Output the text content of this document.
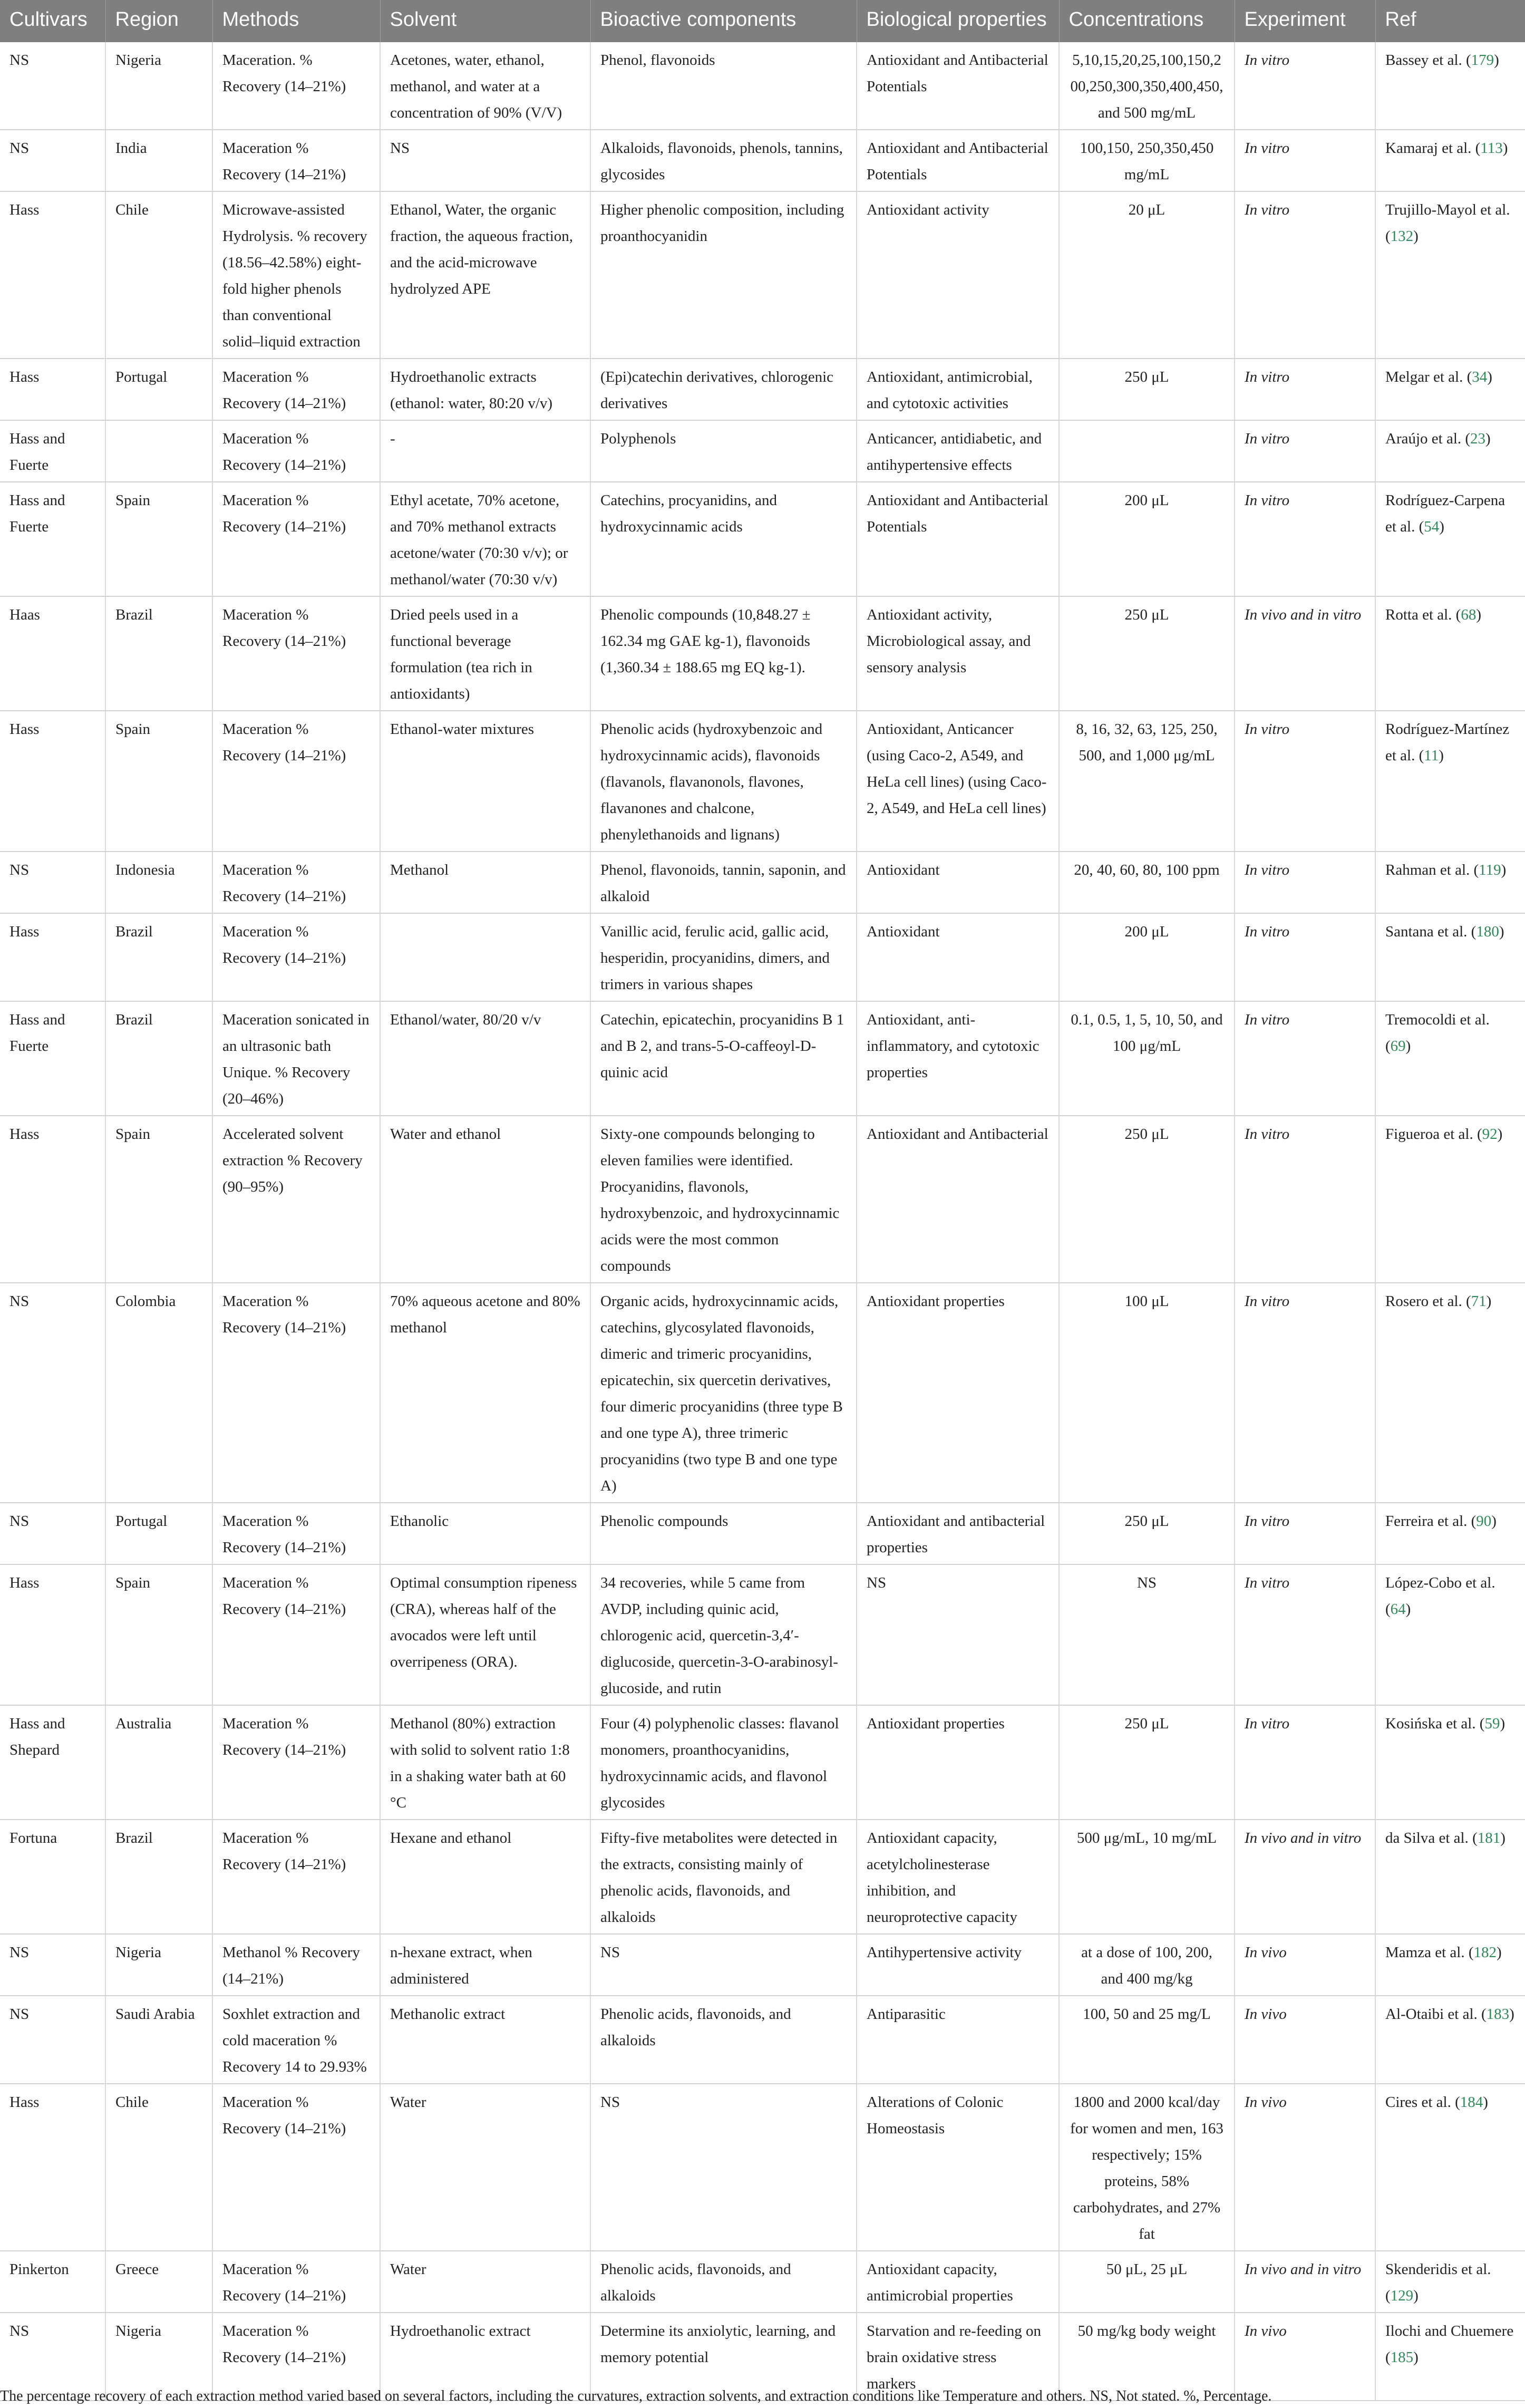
Cultivars	Region	Methods	Solvent	Bioactive components	Biological properties	Concentrations	Experiment	Ref
NS	Nigeria	Maceration. % Recovery (14–21%)	Acetones, water, ethanol, methanol, and water at a concentration of 90% (V/V)	Phenol, flavonoids	Antioxidant and Antibacterial Potentials	5,10,15,20,25,100,150,200,250,300,350,400,450, and 500 mg/mL	In vitro	Bassey et al. (179)
NS	India	Maceration % Recovery (14–21%)	NS	Alkaloids, flavonoids, phenols, tannins, glycosides	Antioxidant and Antibacterial Potentials	100,150, 250,350,450 mg/mL	In vitro	Kamaraj et al. (113)
Hass	Chile	Microwave-assisted Hydrolysis. % recovery (18.56–42.58%) eight-fold higher phenols than conventional solid–liquid extraction	Ethanol, Water, the organic fraction, the aqueous fraction, and the acid-microwave hydrolyzed APE	Higher phenolic composition, including proanthocyanidin	Antioxidant activity	20 μL	In vitro	Trujillo-Mayol et al. (132)
Hass	Portugal	Maceration % Recovery (14–21%)	Hydroethanolic extracts (ethanol: water, 80:20 v/v)	(Epi)catechin derivatives, chlorogenic derivatives	Antioxidant, antimicrobial, and cytotoxic activities	250 μL	In vitro	Melgar et al. (34)
Hass and Fuerte		Maceration % Recovery (14–21%)	-	Polyphenols	Anticancer, antidiabetic, and antihypertensive effects		In vitro	Araújo et al. (23)
Hass and Fuerte	Spain	Maceration % Recovery (14–21%)	Ethyl acetate, 70% acetone, and 70% methanol extracts acetone/water (70:30 v/v); or methanol/water (70:30 v/v)	Catechins, procyanidins, and hydroxycinnamic acids	Antioxidant and Antibacterial Potentials	200 μL	In vitro	Rodríguez-Carpena et al. (54)
Haas	Brazil	Maceration % Recovery (14–21%)	Dried peels used in a functional beverage formulation (tea rich in antioxidants)	Phenolic compounds (10,848.27 ± 162.34 mg GAE kg-1), flavonoids (1,360.34 ± 188.65 mg EQ kg-1).	Antioxidant activity, Microbiological assay, and sensory analysis	250 μL	In vivo and in vitro	Rotta et al. (68)
Hass	Spain	Maceration % Recovery (14–21%)	Ethanol-water mixtures	Phenolic acids (hydroxybenzoic and hydroxycinnamic acids), flavonoids (flavanols, flavanonols, flavones, flavanones and chalcone, phenylethanoids and lignans)	Antioxidant, Anticancer (using Caco-2, A549, and HeLa cell lines) (using Caco-2, A549, and HeLa cell lines)	8, 16, 32, 63, 125, 250, 500, and 1,000 μg/mL	In vitro	Rodríguez-Martínez et al. (11)
NS	Indonesia	Maceration % Recovery (14–21%)	Methanol	Phenol, flavonoids, tannin, saponin, and alkaloid	Antioxidant	20, 40, 60, 80, 100 ppm	In vitro	Rahman et al. (119)
Hass	Brazil	Maceration % Recovery (14–21%)		Vanillic acid, ferulic acid, gallic acid, hesperidin, procyanidins, dimers, and trimers in various shapes	Antioxidant	200 μL	In vitro	Santana et al. (180)
Hass and Fuerte	Brazil	Maceration sonicated in an ultrasonic bath Unique. % Recovery (20–46%)	Ethanol/water, 80/20 v/v	Catechin, epicatechin, procyanidins B 1 and B 2, and trans-5-O-caffeoyl-D-quinic acid	Antioxidant, anti-inflammatory, and cytotoxic properties	0.1, 0.5, 1, 5, 10, 50, and 100 μg/mL	In vitro	Tremocoldi et al. (69)
Hass	Spain	Accelerated solvent extraction % Recovery (90–95%)	Water and ethanol	Sixty-one compounds belonging to eleven families were identified. Procyanidins, flavonols, hydroxybenzoic, and hydroxycinnamic acids were the most common compounds	Antioxidant and Antibacterial	250 μL	In vitro	Figueroa et al. (92)
NS	Colombia	Maceration % Recovery (14–21%)	70% aqueous acetone and 80% methanol	Organic acids, hydroxycinnamic acids, catechins, glycosylated flavonoids, dimeric and trimeric procyanidins, epicatechin, six quercetin derivatives, four dimeric procyanidins (three type B and one type A), three trimeric procyanidins (two type B and one type A)	Antioxidant properties	100 μL	In vitro	Rosero et al. (71)
NS	Portugal	Maceration % Recovery (14–21%)	Ethanolic	Phenolic compounds	Antioxidant and antibacterial properties	250 μL	In vitro	Ferreira et al. (90)
Hass	Spain	Maceration % Recovery (14–21%)	Optimal consumption ripeness (CRA), whereas half of the avocados were left until overripeness (ORA).	34 recoveries, while 5 came from AVDP, including quinic acid, chlorogenic acid, quercetin-3,4′-diglucoside, quercetin-3-O-arabinosyl-glucoside, and rutin	NS	NS	In vitro	López-Cobo et al. (64)
Hass and Shepard	Australia	Maceration % Recovery (14–21%)	Methanol (80%) extraction with solid to solvent ratio 1:8 in a shaking water bath at 60 °C	Four (4) polyphenolic classes: flavanol monomers, proanthocyanidins, hydroxycinnamic acids, and flavonol glycosides	Antioxidant properties	250 μL	In vitro	Kosińska et al. (59)
Fortuna	Brazil	Maceration % Recovery (14–21%)	Hexane and ethanol	Fifty-five metabolites were detected in the extracts, consisting mainly of phenolic acids, flavonoids, and alkaloids	Antioxidant capacity, acetylcholinesterase inhibition, and neuroprotective capacity	500 μg/mL, 10 mg/mL	In vivo and in vitro	da Silva et al. (181)
NS	Nigeria	Methanol % Recovery (14–21%)	n-hexane extract, when administered	NS	Antihypertensive activity	at a dose of 100, 200, and 400 mg/kg	In vivo	Mamza et al. (182)
NS	Saudi Arabia	Soxhlet extraction and cold maceration % Recovery 14 to 29.93%	Methanolic extract	Phenolic acids, flavonoids, and alkaloids	Antiparasitic	100, 50 and 25 mg/L	In vivo	Al-Otaibi et al. (183)
Hass	Chile	Maceration % Recovery (14–21%)	Water	NS	Alterations of Colonic Homeostasis	1800 and 2000 kcal/day for women and men, 163 respectively; 15% proteins, 58% carbohydrates, and 27% fat	In vivo	Cires et al. (184)
Pinkerton	Greece	Maceration % Recovery (14–21%)	Water	Phenolic acids, flavonoids, and alkaloids	Antioxidant capacity, antimicrobial properties	50 μL, 25 μL	In vivo and in vitro	Skenderidis et al. (129)
NS	Nigeria	Maceration % Recovery (14–21%)	Hydroethanolic extract	Determine its anxiolytic, learning, and memory potential	Starvation and re-feeding on brain oxidative stress markers	50 mg/kg body weight	In vivo	Ilochi and Chuemere (185)

The percentage recovery of each extraction method varied based on several factors, including the curvatures, extraction solvents, and extraction conditions like Temperature and others. NS, Not stated. %, Percentage.
